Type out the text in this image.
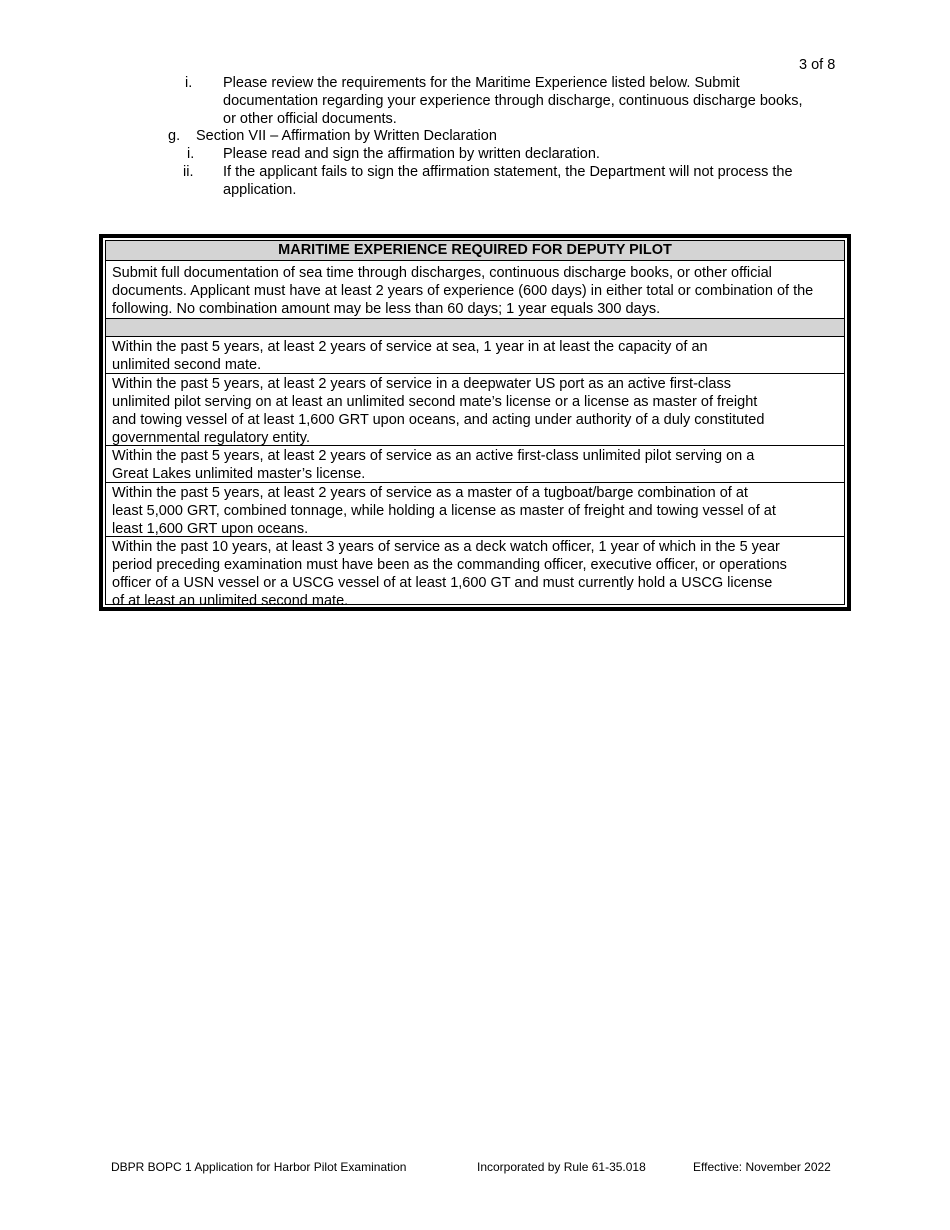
3 of 8
i. Please review the requirements for the Maritime Experience listed below. Submit documentation regarding your experience through discharge, continuous discharge books, or other official documents.
g. Section VII – Affirmation by Written Declaration
i. Please read and sign the affirmation by written declaration.
ii. If the applicant fails to sign the affirmation statement, the Department will not process the application.
MARITIME EXPERIENCE REQUIRED FOR DEPUTY PILOT
Submit full documentation of sea time through discharges, continuous discharge books, or other official documents. Applicant must have at least 2 years of experience (600 days) in either total or combination of the following. No combination amount may be less than 60 days; 1 year equals 300 days.
Within the past 5 years, at least 2 years of service at sea, 1 year in at least the capacity of an unlimited second mate.
Within the past 5 years, at least 2 years of service in a deepwater US port as an active first-class unlimited pilot serving on at least an unlimited second mate’s license or a license as master of freight and towing vessel of at least 1,600 GRT upon oceans, and acting under authority of a duly constituted governmental regulatory entity.
Within the past 5 years, at least 2 years of service as an active first-class unlimited pilot serving on a Great Lakes unlimited master’s license.
Within the past 5 years, at least 2 years of service as a master of a tugboat/barge combination of at least 5,000 GRT, combined tonnage, while holding a license as master of freight and towing vessel of at least 1,600 GRT upon oceans.
Within the past 10 years, at least 3 years of service as a deck watch officer, 1 year of which in the 5 year period preceding examination must have been as the commanding officer, executive officer, or operations officer of a USN vessel or a USCG vessel of at least 1,600 GT and must currently hold a USCG license of at least an unlimited second mate.
DBPR BOPC 1 Application for Harbor Pilot Examination	Incorporated by Rule 61-35.018	Effective: November 2022
